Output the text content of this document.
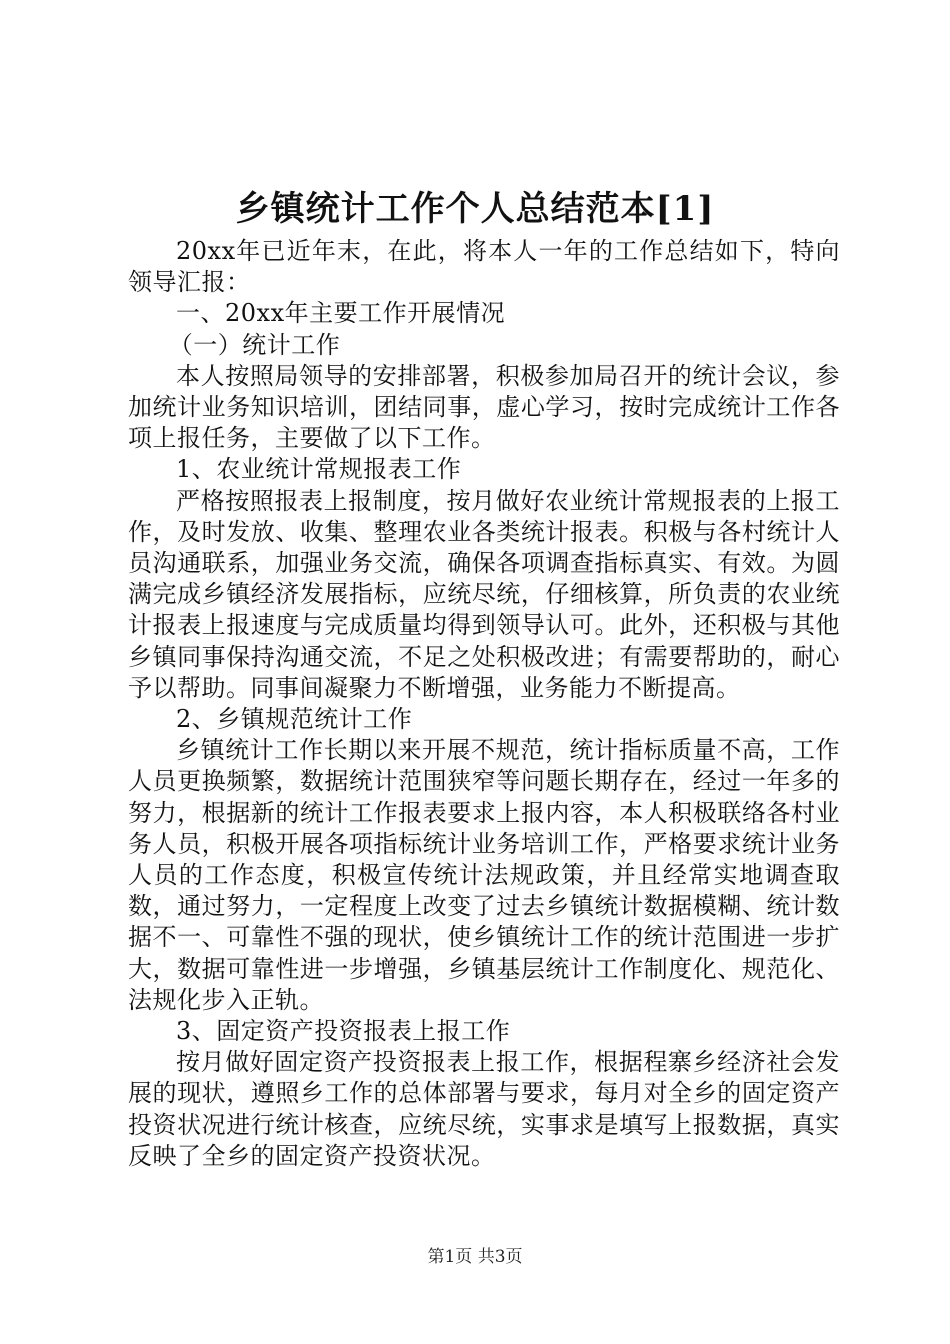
乡镇统计工作个人总结范本[1]

20xx年已近年末，在此，将本人一年的工作总结如下，特向领导汇报：

一、20xx年主要工作开展情况

（一）统计工作

本人按照局领导的安排部署，积极参加局召开的统计会议，参加统计业务知识培训，团结同事，虚心学习，按时完成统计工作各项上报任务，主要做了以下工作。

1、农业统计常规报表工作

严格按照报表上报制度，按月做好农业统计常规报表的上报工作，及时发放、收集、整理农业各类统计报表。积极与各村统计人员沟通联系，加强业务交流，确保各项调查指标真实、有效。为圆满完成乡镇经济发展指标，应统尽统，仔细核算，所负责的农业统计报表上报速度与完成质量均得到领导认可。此外，还积极与其他乡镇同事保持沟通交流，不足之处积极改进；有需要帮助的，耐心予以帮助。同事间凝聚力不断增强，业务能力不断提高。

2、乡镇规范统计工作

乡镇统计工作长期以来开展不规范，统计指标质量不高，工作人员更换频繁，数据统计范围狭窄等问题长期存在，经过一年多的努力，根据新的统计工作报表要求上报内容，本人积极联络各村业务人员，积极开展各项指标统计业务培训工作，严格要求统计业务人员的工作态度，积极宣传统计法规政策，并且经常实地调查取数，通过努力，一定程度上改变了过去乡镇统计数据模糊、统计数据不一、可靠性不强的现状，使乡镇统计工作的统计范围进一步扩大，数据可靠性进一步增强，乡镇基层统计工作制度化、规范化、法规化步入正轨。

3、固定资产投资报表上报工作

按月做好固定资产投资报表上报工作，根据程寨乡经济社会发展的现状，遵照乡工作的总体部署与要求，每月对全乡的固定资产投资状况进行统计核查，应统尽统，实事求是填写上报数据，真实反映了全乡的固定资产投资状况。

第1页 共3页
